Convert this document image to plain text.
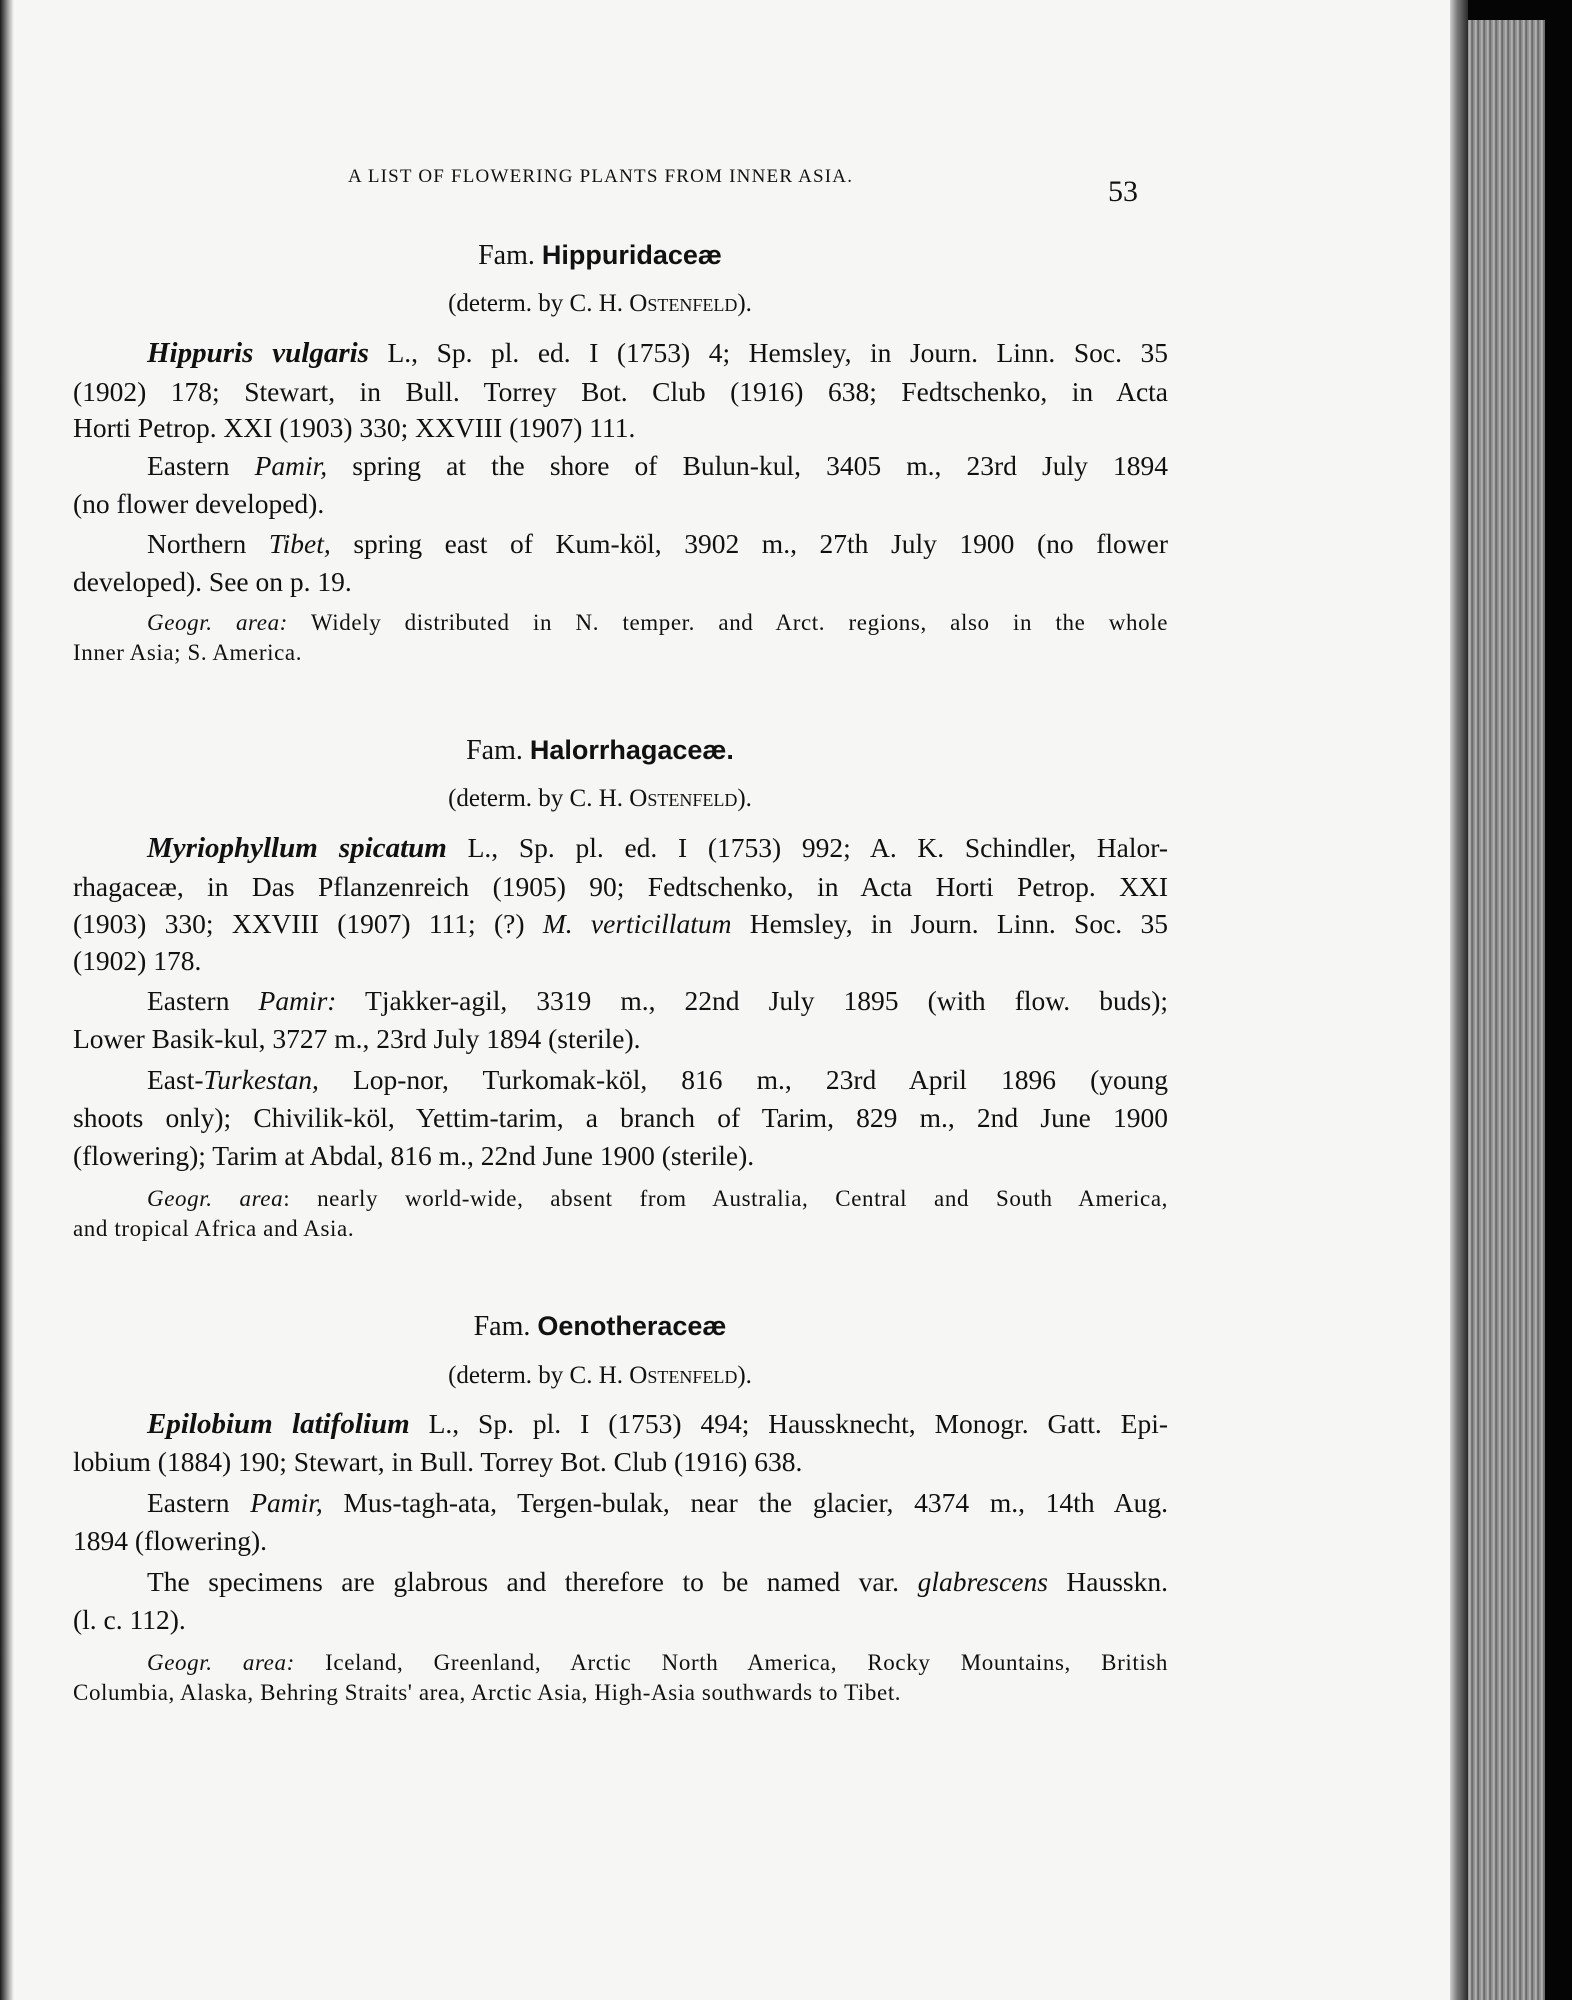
A LIST OF FLOWERING PLANTS FROM INNER ASIA.	53
Fam. Hippuridaceæ
(determ. by C. H. Ostenfeld).
Hippuris vulgaris L., Sp. pl. ed. I (1753) 4; Hemsley, in Journ. Linn. Soc. 35
(1902) 178; Stewart, in Bull. Torrey Bot. Club (1916) 638; Fedtschenko, in Acta
Horti Petrop. XXI (1903) 330; XXVIII (1907) 111.
Eastern Pamir, spring at the shore of Bulun-kul, 3405 m., 23rd July 1894
(no flower developed).
Northern Tibet, spring east of Kum-köl, 3902 m., 27th July 1900 (no flower
developed). See on p. 19.
Geogr. area: Widely distributed in N. temper. and Arct. regions, also in the whole
Inner Asia; S. America.
Fam. Halorrhagaceæ.
(determ. by C. H. Ostenfeld).
Myriophyllum spicatum L., Sp. pl. ed. I (1753) 992; A. K. Schindler, Halor-
rhagaceæ, in Das Pflanzenreich (1905) 90; Fedtschenko, in Acta Horti Petrop. XXI
(1903) 330; XXVIII (1907) 111; (?) M. verticillatum Hemsley, in Journ. Linn. Soc. 35
(1902) 178.
Eastern Pamir: Tjakker-agil, 3319 m., 22nd July 1895 (with flow. buds);
Lower Basik-kul, 3727 m., 23rd July 1894 (sterile).
East-Turkestan, Lop-nor, Turkomak-köl, 816 m., 23rd April 1896 (young
shoots only); Chivilik-köl, Yettim-tarim, a branch of Tarim, 829 m., 2nd June 1900
(flowering); Tarim at Abdal, 816 m., 22nd June 1900 (sterile).
Geogr. area: nearly world-wide, absent from Australia, Central and South America,
and tropical Africa and Asia.
Fam. Oenotheraceæ
(determ. by C. H. Ostenfeld).
Epilobium latifolium L., Sp. pl. I (1753) 494; Haussknecht, Monogr. Gatt. Epi-
lobium (1884) 190; Stewart, in Bull. Torrey Bot. Club (1916) 638.
Eastern Pamir, Mus-tagh-ata, Tergen-bulak, near the glacier, 4374 m., 14th Aug.
1894 (flowering).
The specimens are glabrous and therefore to be named var. glabrescens Hausskn.
(l. c. 112).
Geogr. area: Iceland, Greenland, Arctic North America, Rocky Mountains, British
Columbia, Alaska, Behring Straits' area, Arctic Asia, High-Asia southwards to Tibet.
